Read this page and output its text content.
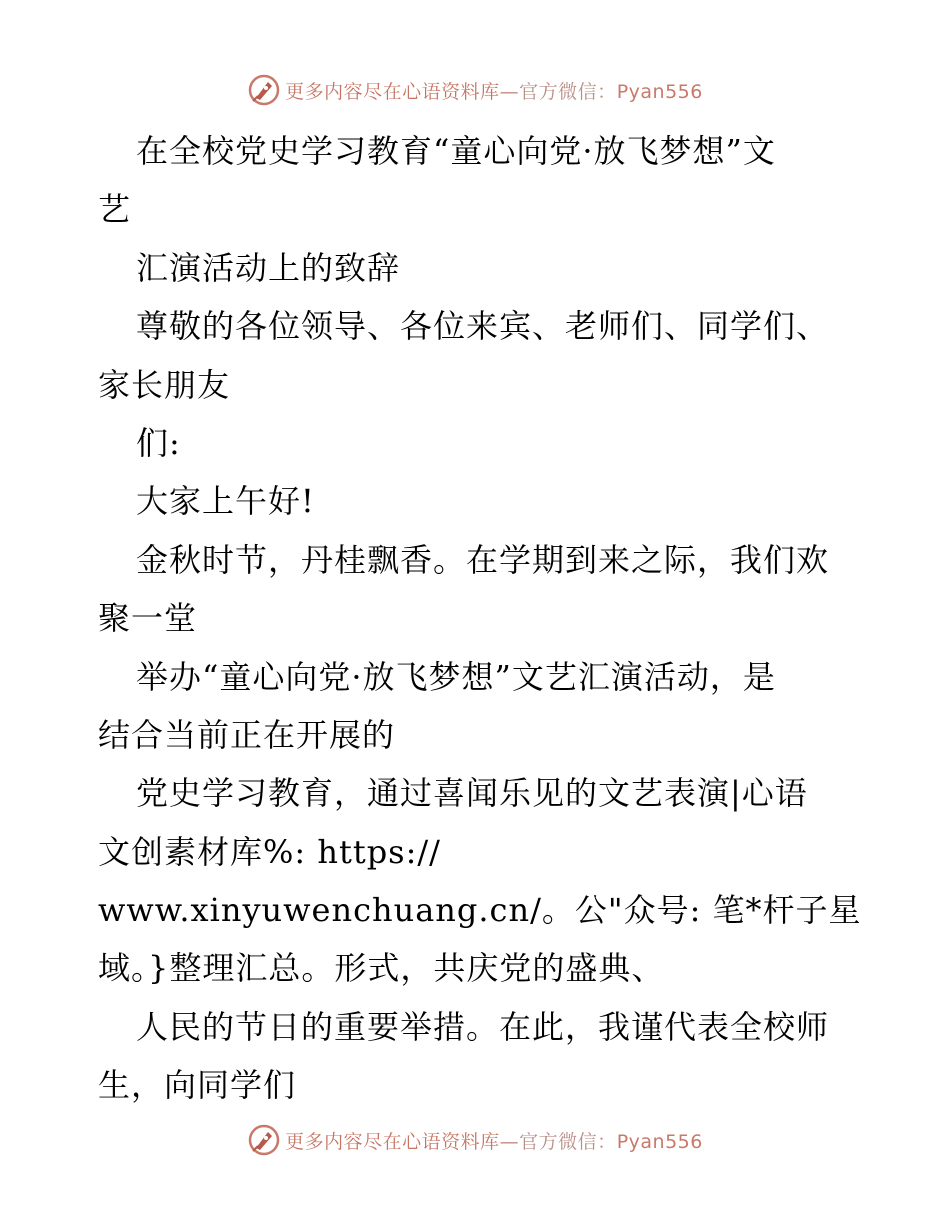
更多内容尽在心语资料库—官方微信：Pyan556
在全校党史学习教育“童心向党·放飞梦想”文
艺
汇演活动上的致辞
尊敬的各位领导、各位来宾、老师们、同学们、
家长朋友
们:
大家上午好!
金秋时节，丹桂飘香。在学期到来之际，我们欢
聚一堂
举办“童心向党·放飞梦想”文艺汇演活动，是
结合当前正在开展的
党史学习教育，通过喜闻乐见的文艺表演|心语
文创素材库%: https://
www.xinyuwenchuang.cn/。公"众号: 笔*杆子星
域。}整理汇总。形式，共庆党的盛典、
人民的节日的重要举措。在此，我谨代表全校师
生，向同学们
更多内容尽在心语资料库—官方微信：Pyan556
